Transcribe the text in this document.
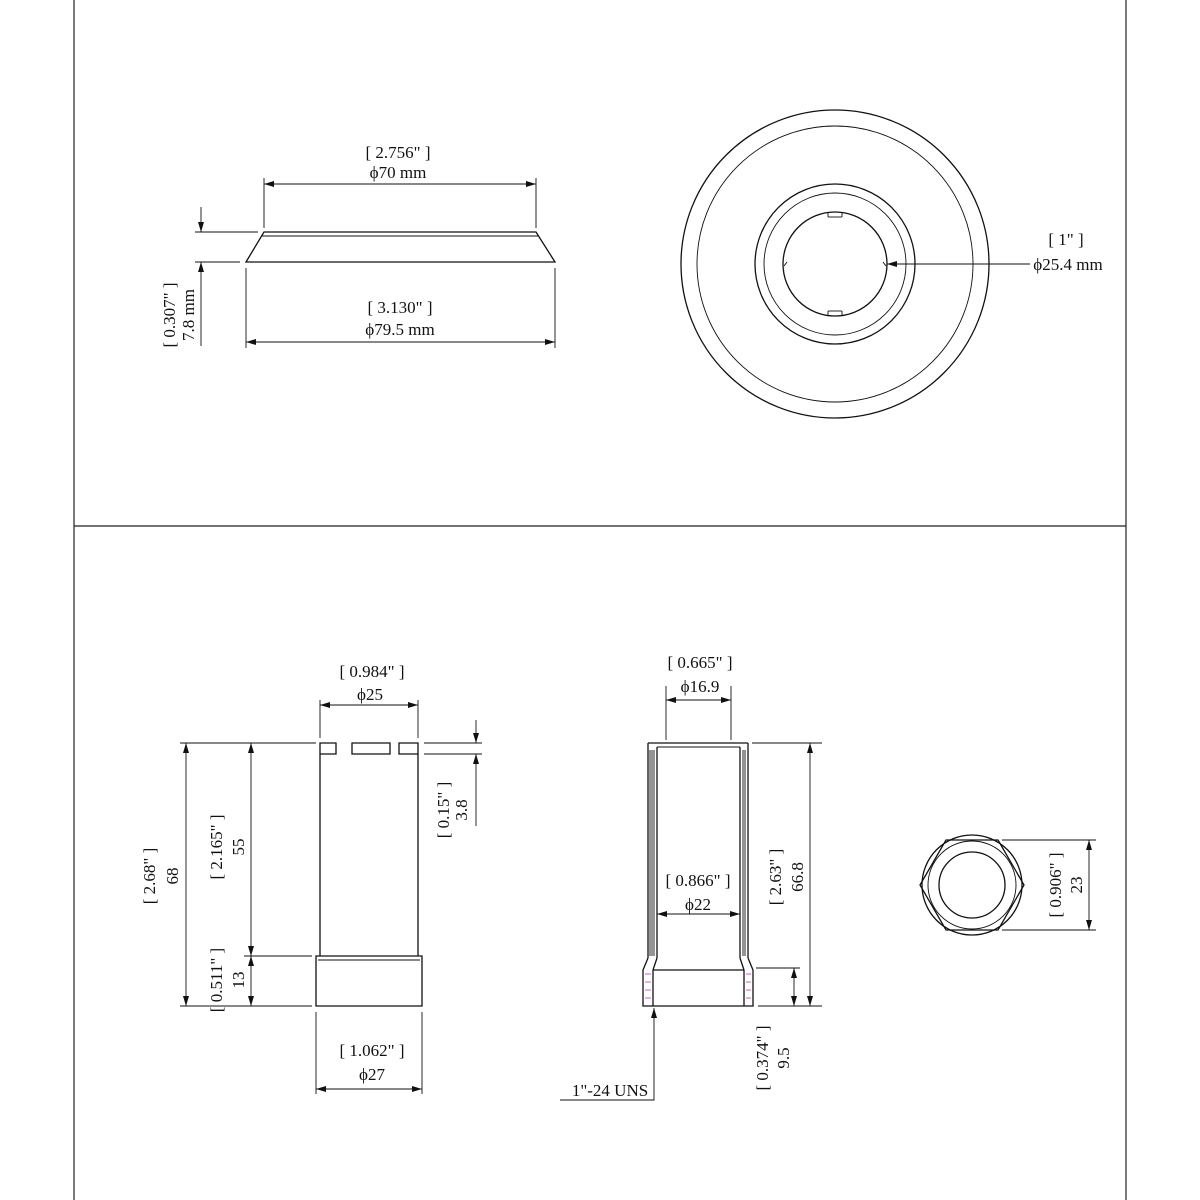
[ 2.756" ]
ϕ70 mm
[ 3.130" ]
ϕ79.5 mm
[ 0.307" ] 7.8 mm
[ 1" ]
ϕ25.4 mm
[ 0.984" ]
ϕ25
[ 0.15" ] 3.8
[ 2.68" ] 68 [ 2.165" ] 55
[ 0.511" ] 13
[ 1.062" ]
ϕ27
[ 0.665" ]
ϕ16.9
[ 0.866" ]
ϕ22	[ 2.63" ] 66.8
[ 0.374" ] 9.5
1"-24 UNS
[ 0.906" ] 23
